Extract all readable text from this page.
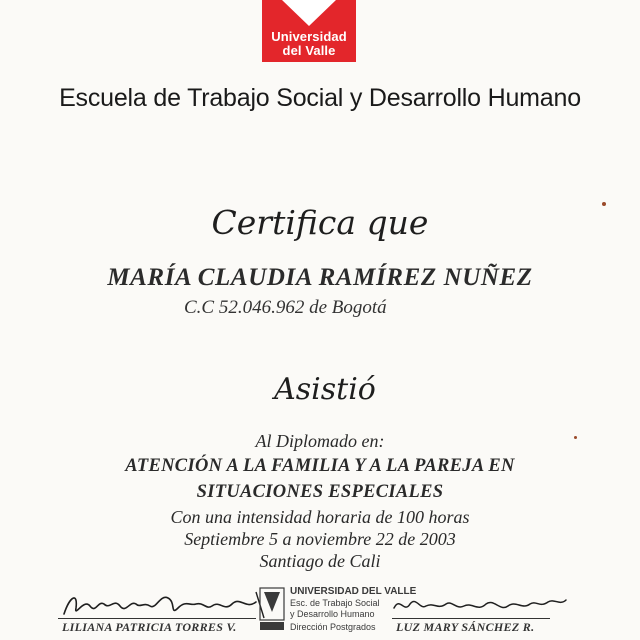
Universidad
del Valle
Escuela de Trabajo Social y Desarrollo Humano
Certifica que
MARÍA CLAUDIA RAMÍREZ NUÑEZ
C.C 52.046.962 de Bogotá
Asistió
Al Diplomado en:
ATENCIÓN A LA FAMILIA Y A LA PAREJA EN
SITUACIONES ESPECIALES
Con una intensidad horaria de 100 horas
Septiembre 5 a noviembre 22 de 2003
Santiago de Cali
LILIANA PATRICIA TORRES V.
UNIVERSIDAD DEL VALLE
Esc. de Trabajo Social
y Desarrollo Humano
Dirección Postgrados LUZ MARY SÁNCHEZ R.
